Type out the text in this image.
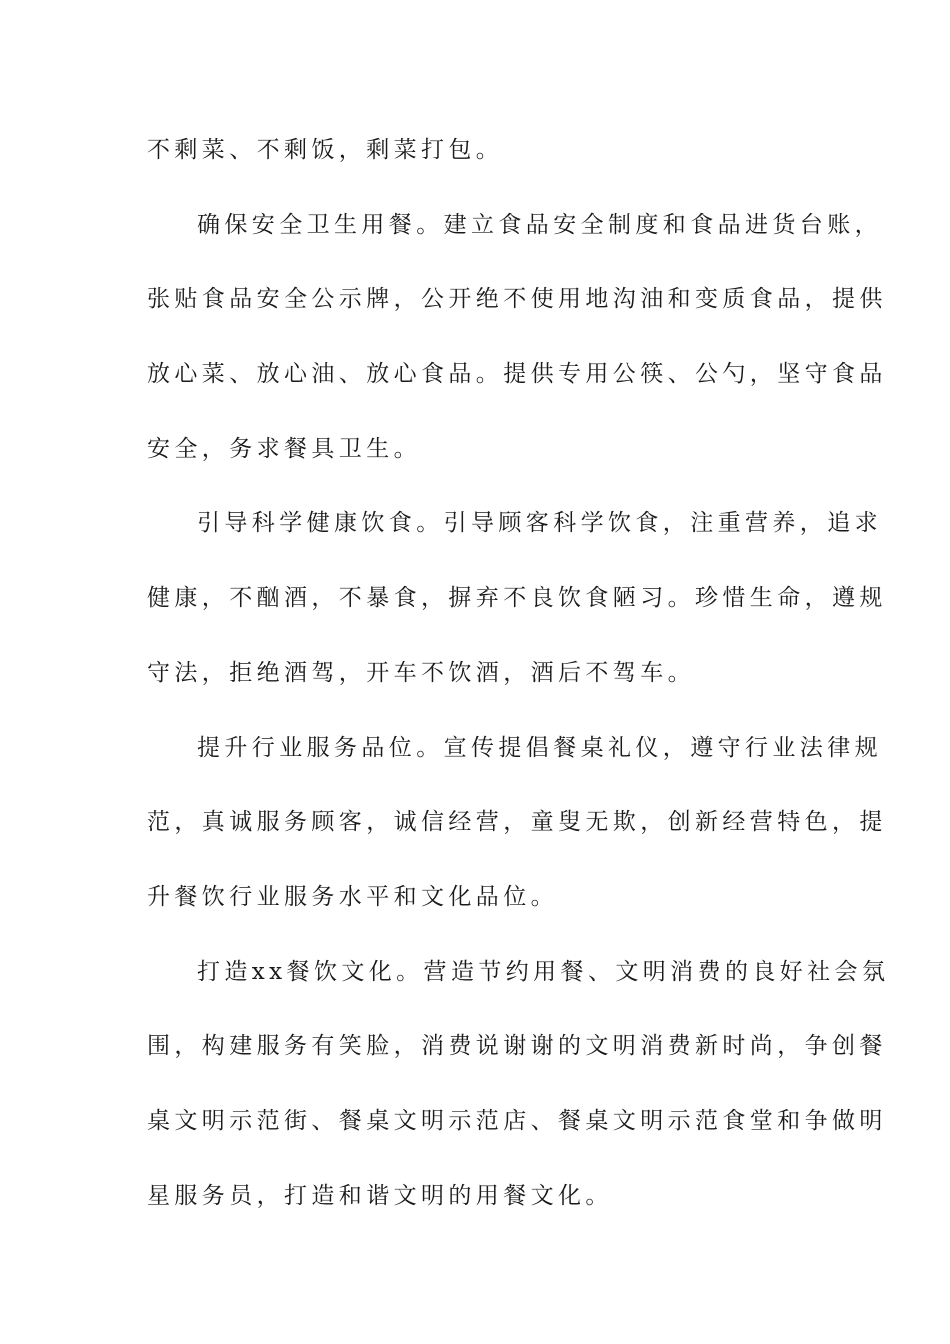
不剩菜、不剩饭，剩菜打包。

确保安全卫生用餐。建立食品安全制度和食品进货台账，
张贴食品安全公示牌，公开绝不使用地沟油和变质食品，提供
放心菜、放心油、放心食品。提供专用公筷、公勺，坚守食品
安全，务求餐具卫生。

引导科学健康饮食。引导顾客科学饮食，注重营养，追求
健康，不酗酒，不暴食，摒弃不良饮食陋习。珍惜生命，遵规
守法，拒绝酒驾，开车不饮酒，酒后不驾车。

提升行业服务品位。宣传提倡餐桌礼仪，遵守行业法律规
范，真诚服务顾客，诚信经营，童叟无欺，创新经营特色，提
升餐饮行业服务水平和文化品位。

打造xx餐饮文化。营造节约用餐、文明消费的良好社会氛
围，构建服务有笑脸，消费说谢谢的文明消费新时尚，争创餐
桌文明示范街、餐桌文明示范店、餐桌文明示范食堂和争做明
星服务员，打造和谐文明的用餐文化。
